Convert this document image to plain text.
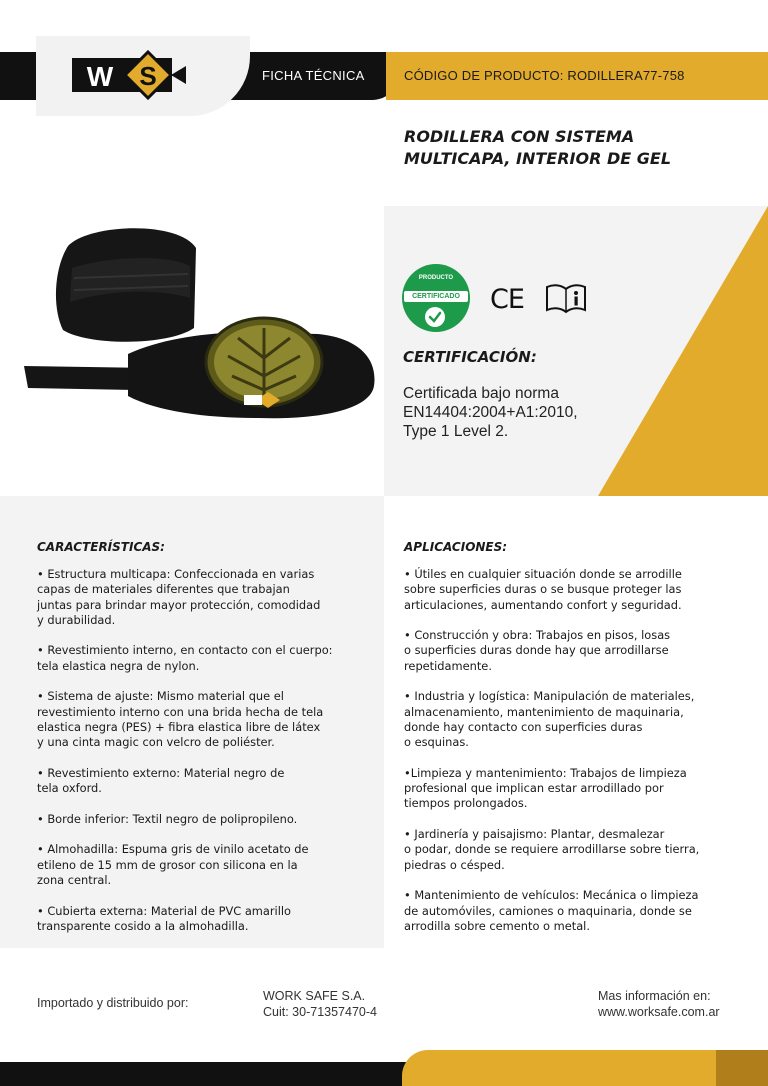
W S	FICHA TÉCNICA	CÓDIGO DE PRODUCTO: RODILLERA77-758
RODILLERA CON SISTEMA
MULTICAPA, INTERIOR DE GEL
PRODUCTO
CERTIFICADO CE
CERTIFICACIÓN:
Certificada bajo norma
EN14404:2004+A1:2010,
Type 1 Level 2.
CARACTERÍSTICAS:
• Estructura multicapa: Confeccionada en varias
capas de materiales diferentes que trabajan
juntas para brindar mayor protección, comodidad
y durabilidad.
• Revestimiento interno, en contacto con el cuerpo:
tela elastica negra de nylon.
• Sistema de ajuste: Mismo material que el
revestimiento interno con una brida hecha de tela
elastica negra (PES) + fibra elastica libre de látex
y una cinta magic con velcro de poliéster.
• Revestimiento externo: Material negro de
tela oxford.
• Borde inferior: Textil negro de polipropileno.
• Almohadilla: Espuma gris de vinilo acetato de
etileno de 15 mm de grosor con silicona en la
zona central.
• Cubierta externa: Material de PVC amarillo
transparente cosido a la almohadilla.
APLICACIONES:
• Útiles en cualquier situación donde se arrodille
sobre superficies duras o se busque proteger las
articulaciones, aumentando confort y seguridad.
• Construcción y obra: Trabajos en pisos, losas
o superficies duras donde hay que arrodillarse
repetidamente.
• Industria y logística: Manipulación de materiales,
almacenamiento, mantenimiento de maquinaria,
donde hay contacto con superficies duras
o esquinas.
•Limpieza y mantenimiento: Trabajos de limpieza
profesional que implican estar arrodillado por
tiempos prolongados.
• Jardinería y paisajismo: Plantar, desmalezar
o podar, donde se requiere arrodillarse sobre tierra,
piedras o césped.
• Mantenimiento de vehículos: Mecánica o limpieza
de automóviles, camiones o maquinaria, donde se
arrodilla sobre cemento o metal.
Importado y distribuido por:	WORK SAFE S.A.
Cuit: 30-71357470-4
Mas información en:
www.worksafe.com.ar
